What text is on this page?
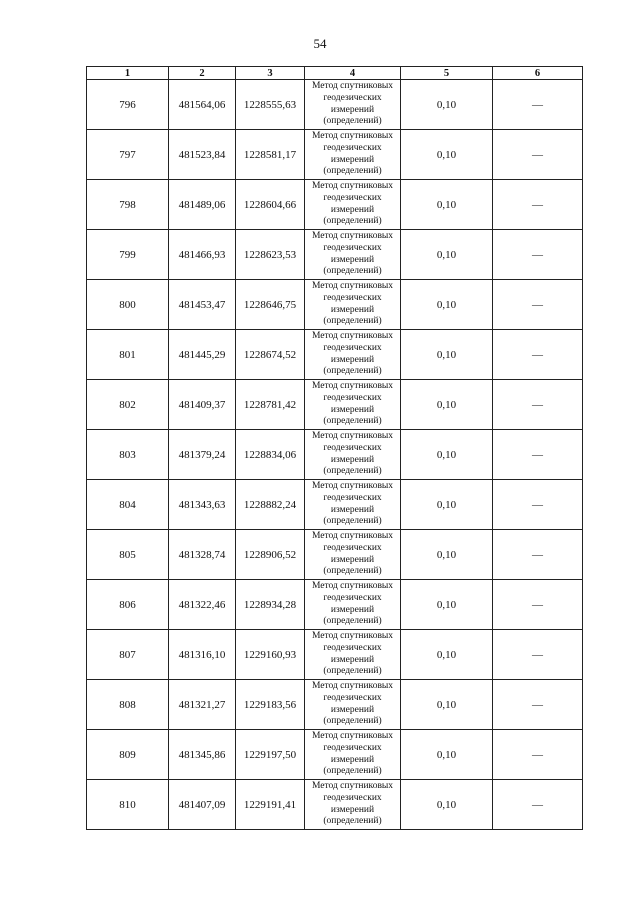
54
1	2	3	4	5	6
796	481564,06	1228555,63	Метод спутниковых
геодезических
измерений
(определений)	0,10	—
797	481523,84	1228581,17	Метод спутниковых
геодезических
измерений
(определений)	0,10	—
798	481489,06	1228604,66	Метод спутниковых
геодезических
измерений
(определений)	0,10	—
799	481466,93	1228623,53	Метод спутниковых
геодезических
измерений
(определений)	0,10	—
800	481453,47	1228646,75	Метод спутниковых
геодезических
измерений
(определений)	0,10	—
801	481445,29	1228674,52	Метод спутниковых
геодезических
измерений
(определений)	0,10	—
802	481409,37	1228781,42	Метод спутниковых
геодезических
измерений
(определений)	0,10	—
803	481379,24	1228834,06	Метод спутниковых
геодезических
измерений
(определений)	0,10	—
804	481343,63	1228882,24	Метод спутниковых
геодезических
измерений
(определений)	0,10	—
805	481328,74	1228906,52	Метод спутниковых
геодезических
измерений
(определений)	0,10	—
806	481322,46	1228934,28	Метод спутниковых
геодезических
измерений
(определений)	0,10	—
807	481316,10	1229160,93	Метод спутниковых
геодезических
измерений
(определений)	0,10	—
808	481321,27	1229183,56	Метод спутниковых
геодезических
измерений
(определений)	0,10	—
809	481345,86	1229197,50	Метод спутниковых
геодезических
измерений
(определений)	0,10	—
810	481407,09	1229191,41	Метод спутниковых
геодезических
измерений
(определений)	0,10	—
